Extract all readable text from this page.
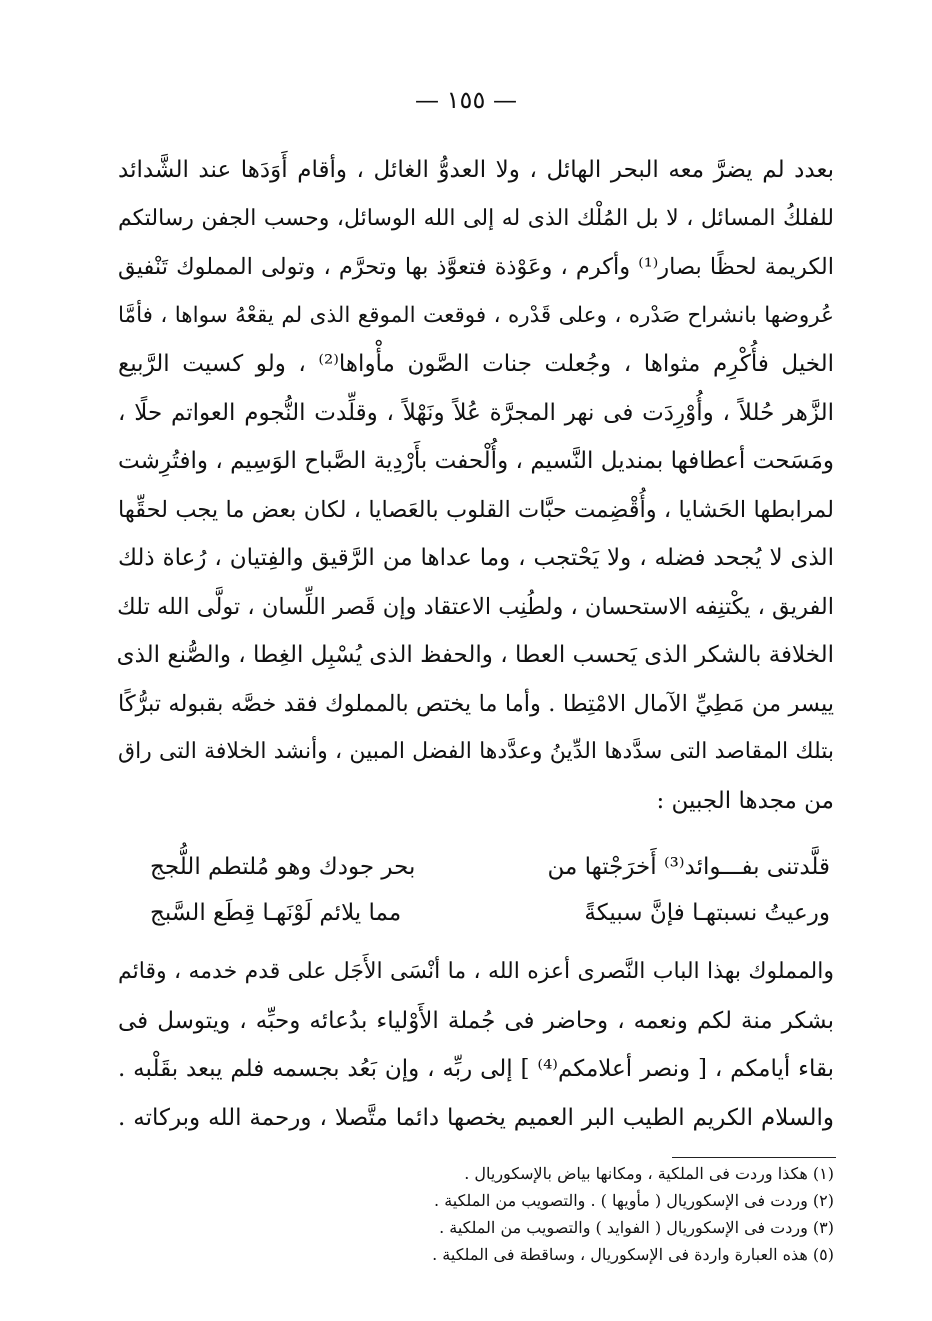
— ١٥٥ —
بعدد لم يضرَّ معه البحر الهائل ، ولا العدوُّ الغائل ، وأقام أَوَدَها عند الشَّدائد
للفلكُ المسائل ، لا بل المُلْك الذى له إلى الله الوسائل، وحسب الجفن رسالتكم
الكريمة لحظًا بصار⁽¹⁾ وأكرم ، وعَوْذة فتعوَّذ بها وتحرَّم ، وتولى المملوك تَنْفيق
عُروضها بانشراح صَدْره ، وعلى قَدْره ، فوقعت الموقع الذى لم يقعْهُ سواها ، فأمَّا
الخيل فأُكْرِم مثواها ، وجُعلت جنات الصَّون مأْواها⁽²⁾ ، ولو كسيت الرَّبيع
الزَّهر حُللاً ، وأُوْرِدَت فى نهر المجرَّة عُلاً ونَهْلاً ، وقلِّدت النُّجوم العواتم حلًا ،
ومَسَحت أعطافها بمنديل النَّسيم ، وأُلْحفت بأَرْدِية الصَّباح الوَسِيم ، وافتُرِشت
لمرابطها الحَشايا ، وأُقْضِمت حبَّات القلوب بالعَصايا ، لكان بعض ما يجب لحقِّها
الذى لا يُجحد فضله ، ولا يَحْتجب ، وما عداها من الرَّقيق والفِتيان ، رُعاة ذلك
الفريق ، يكْتنِفه الاستحسان ، ولطُنِب الاعتقاد وإن قَصر اللِّسان ، تولَّى الله تلك
الخلافة بالشكر الذى يَحسب العطا ، والحفظ الذى يُسْبِل الغِطا ، والصُّنع الذى
ييسر من مَطِيِّ الآمال الامْتِطا . وأما ما يختص بالمملوك فقد خصَّه بقبوله تبرُّكًا
بتلك المقاصد التى سدَّدها الدِّينُ وعدَّدها الفضل المبين ، وأنشد الخلافة التى راق
من مجدها الجبين :
قلَّدتنى بفـــوائد⁽³⁾ أَخرَجْتها من
بحر جودك وهو مُلتطم اللُّجج
ورعيتُ نسبتهـا فإنَّ سبيكةً
مما يلائم لَوْنَهـا قِطَع السَّبج
والمملوك بهذا الباب النَّصرى أعزه الله ، ما أنْسَى الأَجَل على قدم خدمه ، وقائم
بشكر منة لكم ونعمه ، وحاضر فى جُملة الأَوْلياء بدُعائه وحبِّه ، ويتوسل فى
بقاء أيامكم ، [ ونصر أعلامكم⁽⁴⁾ ] إلى ربِّه ، وإن بَعُد بجسمه فلم يبعد بقَلْبه .
والسلام الكريم الطيب البر العميم يخصها دائما متَّصلا ، ورحمة الله وبركاته .
(١) هكذا وردت فى الملكية ، ومكانها بياض بالإسكوريال .
(٢) وردت فى الإسكوريال ( مأويها ) . والتصويب من الملكية .
(٣) وردت فى الإسكوريال ( الفوايد ) والتصويب من الملكية .
(٥) هذه العبارة واردة فى الإسكوريال ، وساقطة فى الملكية .
